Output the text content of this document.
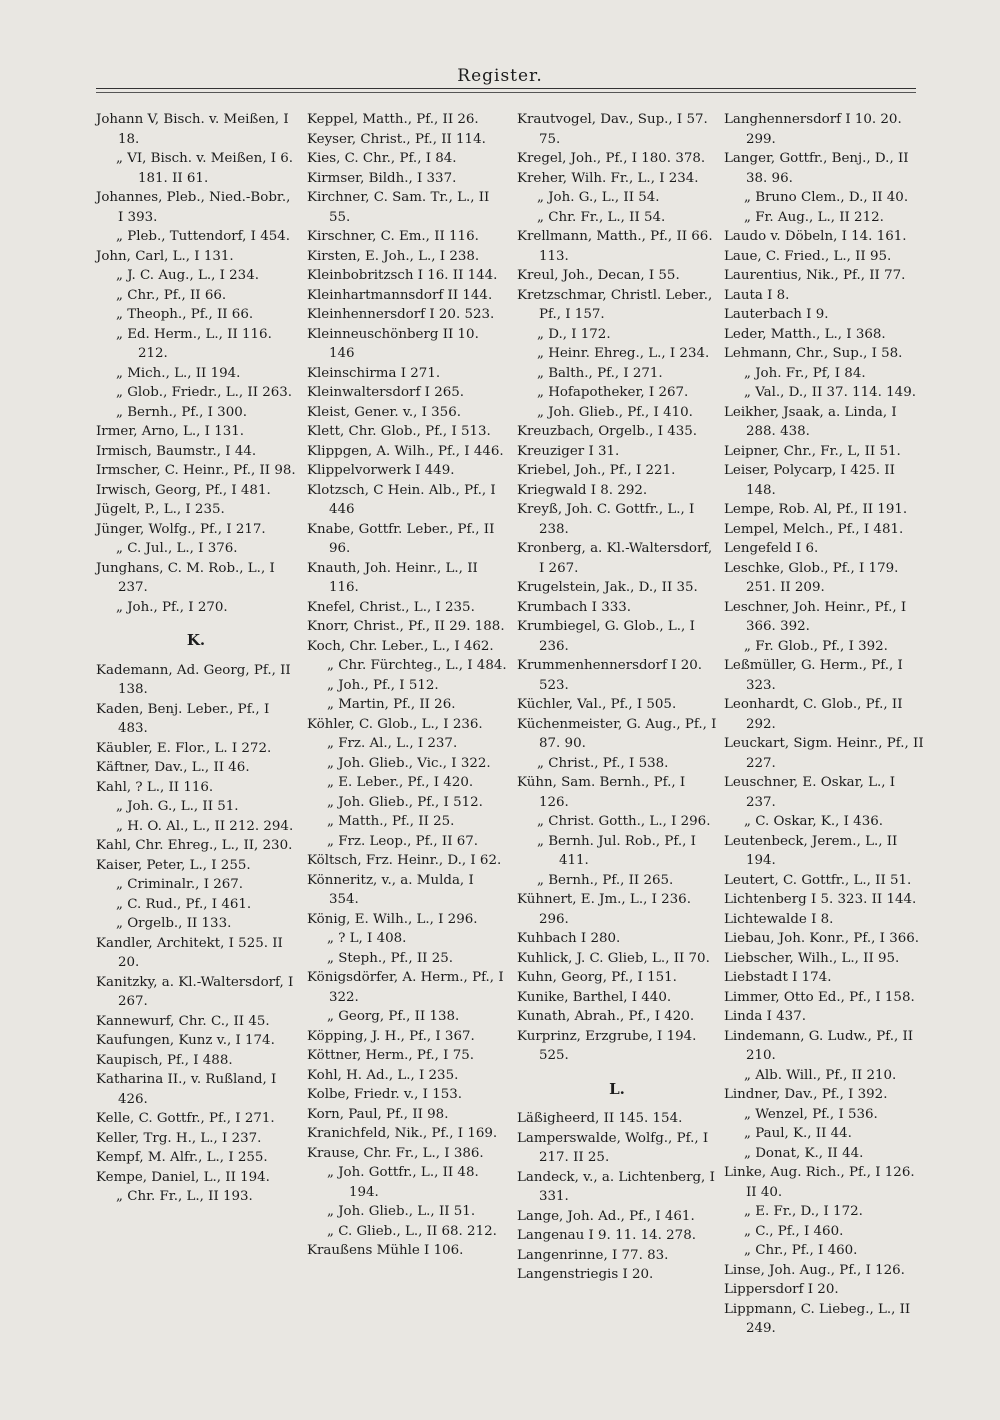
Register.

Johann V, Bisch. v. Meißen, I 18.

„ VI, Bisch. v. Meißen, I 6. 181. II 61.

Johannes, Pleb., Nied.-Bobr., I 393.

„ Pleb., Tuttendorf, I 454.

John, Carl, L., I 131.

„ J. C. Aug., L., I 234.

„ Chr., Pf., II 66.

„ Theoph., Pf., II 66.

„ Ed. Herm., L., II 116. 212.

„ Mich., L., II 194.

„ Glob., Friedr., L., II 263.

„ Bernh., Pf., I 300.

Irmer, Arno, L., I 131.

Irmisch, Baumstr., I 44.

Irmscher, C. Heinr., Pf., II 98.

Irwisch, Georg, Pf., I 481.

Jügelt, P., L., I 235.

Jünger, Wolfg., Pf., I 217.

„ C. Jul., L., I 376.

Junghans, C. M. Rob., L., I 237.

„ Joh., Pf., I 270.

K.

Kademann, Ad. Georg, Pf., II 138.

Kaden, Benj. Leber., Pf., I 483.

Käubler, E. Flor., L. I 272.

Käftner, Dav., L., II 46.

Kahl, ? L., II 116.

„ Joh. G., L., II 51.

„ H. O. Al., L., II 212. 294.

Kahl, Chr. Ehreg., L., II, 230.

Kaiser, Peter, L., I 255.

„ Criminalr., I 267.

„ C. Rud., Pf., I 461.

„ Orgelb., II 133.

Kandler, Architekt, I 525. II 20.

Kanitzky, a. Kl.-Waltersdorf, I 267.

Kannewurf, Chr. C., II 45.

Kaufungen, Kunz v., I 174.

Kaupisch, Pf., I 488.

Katharina II., v. Rußland, I 426.

Kelle, C. Gottfr., Pf., I 271.

Keller, Trg. H., L., I 237.

Kempf, M. Alfr., L., I 255.

Kempe, Daniel, L., II 194.

„ Chr. Fr., L., II 193.

Keppel, Matth., Pf., II 26.

Keyser, Christ., Pf., II 114.

Kies, C. Chr., Pf., I 84.

Kirmser, Bildh., I 337.

Kirchner, C. Sam. Tr., L., II 55.

Kirschner, C. Em., II 116.

Kirsten, E. Joh., L., I 238.

Kleinbobritzsch I 16. II 144.

Kleinhartmannsdorf II 144.

Kleinhennersdorf I 20. 523.

Kleinneuschönberg II 10. 146

Kleinschirma I 271.

Kleinwaltersdorf I 265.

Kleist, Gener. v., I 356.

Klett, Chr. Glob., Pf., I 513.

Klippgen, A. Wilh., Pf., I 446.

Klippelvorwerk I 449.

Klotzsch, C Hein. Alb., Pf., I 446

Knabe, Gottfr. Leber., Pf., II 96.

Knauth, Joh. Heinr., L., II 116.

Knefel, Christ., L., I 235.

Knorr, Christ., Pf., II 29. 188.

Koch, Chr. Leber., L., I 462.

„ Chr. Fürchteg., L., I 484.

„ Joh., Pf., I 512.

„ Martin, Pf., II 26.

Köhler, C. Glob., L., I 236.

„ Frz. Al., L., I 237.

„ Joh. Glieb., Vic., I 322.

„ E. Leber., Pf., I 420.

„ Joh. Glieb., Pf., I 512.

„ Matth., Pf., II 25.

„ Frz. Leop., Pf., II 67.

Költsch, Frz. Heinr., D., I 62.

Könneritz, v., a. Mulda, I 354.

König, E. Wilh., L., I 296.

„ ? L, I 408.

„ Steph., Pf., II 25.

Königsdörfer, A. Herm., Pf., I 322.

„ Georg, Pf., II 138.

Köpping, J. H., Pf., I 367.

Köttner, Herm., Pf., I 75.

Kohl, H. Ad., L., I 235.

Kolbe, Friedr. v., I 153.

Korn, Paul, Pf., II 98.

Kranichfeld, Nik., Pf., I 169.

Krause, Chr. Fr., L., I 386.

„ Joh. Gottfr., L., II 48. 194.

„ Joh. Glieb., L., II 51.

„ C. Glieb., L., II 68. 212.

Kraußens Mühle I 106.

Krautvogel, Dav., Sup., I 57. 75.

Kregel, Joh., Pf., I 180. 378.

Kreher, Wilh. Fr., L., I 234.

„ Joh. G., L., II 54.

„ Chr. Fr., L., II 54.

Krellmann, Matth., Pf., II 66. 113.

Kreul, Joh., Decan, I 55.

Kretzschmar, Christl. Leber., Pf., I 157.

„ D., I 172.

„ Heinr. Ehreg., L., I 234.

„ Balth., Pf., I 271.

„ Hofapotheker, I 267.

„ Joh. Glieb., Pf., I 410.

Kreuzbach, Orgelb., I 435.

Kreuziger I 31.

Kriebel, Joh., Pf., I 221.

Kriegwald I 8. 292.

Kreyß, Joh. C. Gottfr., L., I 238.

Kronberg, a. Kl.-Waltersdorf, I 267.

Krugelstein, Jak., D., II 35.

Krumbach I 333.

Krumbiegel, G. Glob., L., I 236.

Krummenhennersdorf I 20. 523.

Küchler, Val., Pf., I 505.

Küchenmeister, G. Aug., Pf., I 87. 90.

„ Christ., Pf., I 538.

Kühn, Sam. Bernh., Pf., I 126.

„ Christ. Gotth., L., I 296.

„ Bernh. Jul. Rob., Pf., I 411.

„ Bernh., Pf., II 265.

Kühnert, E. Jm., L., I 236. 296.

Kuhbach I 280.

Kuhlick, J. C. Glieb, L., II 70.

Kuhn, Georg, Pf., I 151.

Kunike, Barthel, I 440.

Kunath, Abrah., Pf., I 420.

Kurprinz, Erzgrube, I 194. 525.

L.

Läßigheerd, II 145. 154.

Lamperswalde, Wolfg., Pf., I 217. II 25.

Landeck, v., a. Lichtenberg, I 331.

Lange, Joh. Ad., Pf., I 461.

Langenau I 9. 11. 14. 278.

Langenrinne, I 77. 83.

Langenstriegis I 20.

Langhennersdorf I 10. 20. 299.

Langer, Gottfr., Benj., D., II 38. 96.

„ Bruno Clem., D., II 40.

„ Fr. Aug., L., II 212.

Laudo v. Döbeln, I 14. 161.

Laue, C. Fried., L., II 95.

Laurentius, Nik., Pf., II 77.

Lauta I 8.

Lauterbach I 9.

Leder, Matth., L., I 368.

Lehmann, Chr., Sup., I 58.

„ Joh. Fr., Pf, I 84.

„ Val., D., II 37. 114. 149.

Leikher, Jsaak, a. Linda, I 288. 438.

Leipner, Chr., Fr., L, II 51.

Leiser, Polycarp, I 425. II 148.

Lempe, Rob. Al, Pf., II 191.

Lempel, Melch., Pf., I 481.

Lengefeld I 6.

Leschke, Glob., Pf., I 179. 251. II 209.

Leschner, Joh. Heinr., Pf., I 366. 392.

„ Fr. Glob., Pf., I 392.

Leßmüller, G. Herm., Pf., I 323.

Leonhardt, C. Glob., Pf., II 292.

Leuckart, Sigm. Heinr., Pf., II 227.

Leuschner, E. Oskar, L., I 237.

„ C. Oskar, K., I 436.

Leutenbeck, Jerem., L., II 194.

Leutert, C. Gottfr., L., II 51.

Lichtenberg I 5. 323. II 144.

Lichtewalde I 8.

Liebau, Joh. Konr., Pf., I 366.

Liebscher, Wilh., L., II 95.

Liebstadt I 174.

Limmer, Otto Ed., Pf., I 158.

Linda I 437.

Lindemann, G. Ludw., Pf., II 210.

„ Alb. Will., Pf., II 210.

Lindner, Dav., Pf., I 392.

„ Wenzel, Pf., I 536.

„ Paul, K., II 44.

„ Donat, K., II 44.

Linke, Aug. Rich., Pf., I 126. II 40.

„ E. Fr., D., I 172.

„ C., Pf., I 460.

„ Chr., Pf., I 460.

Linse, Joh. Aug., Pf., I 126.

Lippersdorf I 20.

Lippmann, C. Liebeg., L., II 249.
